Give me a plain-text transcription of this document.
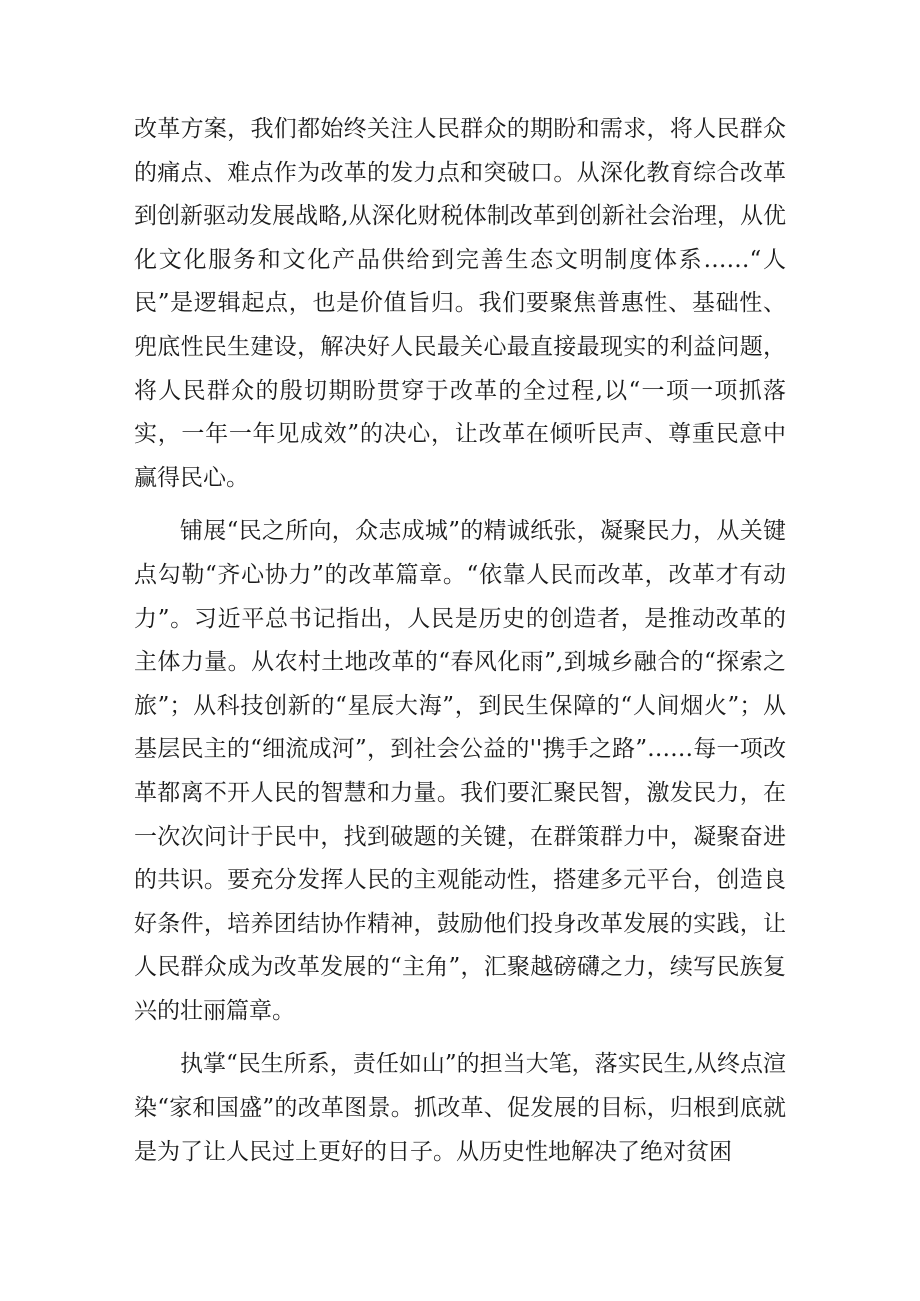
改革方案，我们都始终关注人民群众的期盼和需求，将人民群众的痛点、难点作为改革的发力点和突破口。从深化教育综合改革到创新驱动发展战略,从深化财税体制改革到创新社会治理，从优化文化服务和文化产品供给到完善生态文明制度体系……“人民”是逻辑起点，也是价值旨归。我们要聚焦普惠性、基础性、兜底性民生建设，解决好人民最关心最直接最现实的利益问题，将人民群众的殷切期盼贯穿于改革的全过程,以“一项一项抓落实，一年一年见成效”的决心，让改革在倾听民声、尊重民意中赢得民心。

铺展“民之所向，众志成城”的精诚纸张，凝聚民力，从关键点勾勒“齐心协力”的改革篇章。“依靠人民而改革，改革才有动力”。习近平总书记指出，人民是历史的创造者，是推动改革的主体力量。从农村土地改革的“春风化雨”,到城乡融合的“探索之旅”；从科技创新的“星辰大海”，到民生保障的“人间烟火”；从基层民主的“细流成河”，到社会公益的''携手之路”……每一项改革都离不开人民的智慧和力量。我们要汇聚民智，激发民力，在一次次问计于民中，找到破题的关键，在群策群力中，凝聚奋进的共识。要充分发挥人民的主观能动性，搭建多元平台，创造良好条件，培养团结协作精神，鼓励他们投身改革发展的实践，让人民群众成为改革发展的“主角”，汇聚越磅礴之力，续写民族复兴的壮丽篇章。

执掌“民生所系，责任如山”的担当大笔，落实民生,从终点渲染“家和国盛”的改革图景。抓改革、促发展的目标，归根到底就是为了让人民过上更好的日子。从历史性地解决了绝对贫困
